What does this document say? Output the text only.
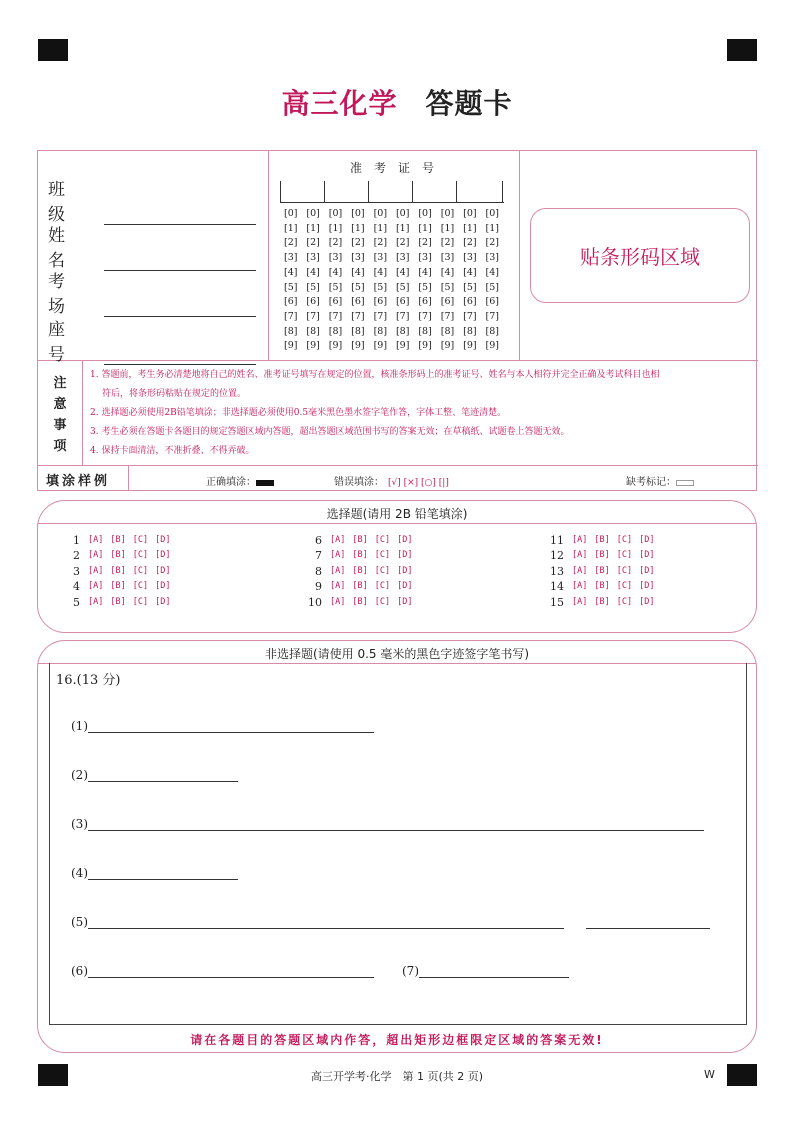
高三化学 答题卡
班级
姓名
考场
座号
准考证号
[0] [0] [0] [0] [0] [0] [0] [0] [0] [0]
[1] [1] [1] [1] [1] [1] [1] [1] [1] [1]
[2] [2] [2] [2] [2] [2] [2] [2] [2] [2]
[3] [3] [3] [3] [3] [3] [3] [3] [3] [3]
[4] [4] [4] [4] [4] [4] [4] [4] [4] [4]
[5] [5] [5] [5] [5] [5] [5] [5] [5] [5]
[6] [6] [6] [6] [6] [6] [6] [6] [6] [6]
[7] [7] [7] [7] [7] [7] [7] [7] [7] [7]
[8] [8] [8] [8] [8] [8] [8] [8] [8] [8]
[9] [9] [9] [9] [9] [9] [9] [9] [9] [9]
贴条形码区域
注
意
事
项

1. 答题前，考生务必清楚地将自己的姓名、准考证号填写在规定的位置，核准条形码上的准考证号、姓名与本人相符并完全正确及考试科目也相

符后，将条形码粘贴在规定的位置。

2. 选择题必须使用2B铅笔填涂；非选择题必须使用0.5毫米黑色墨水签字笔作答，字体工整、笔迹清楚。

3. 考生必须在答题卡各题目的规定答题区域内答题，超出答题区域范围书写的答案无效；在草稿纸、试题卷上答题无效。

4. 保持卡面清洁，不准折叠、不得弄破。

填涂样例	正确填涂：	错误填涂： [√] [×] [○] [|]	缺考标记：
选择题(请用 2B 铅笔填涂)
1 [A] [B] [C] [D]
2 [A] [B] [C] [D]
3 [A] [B] [C] [D]
4 [A] [B] [C] [D]
5 [A] [B] [C] [D]
6 [A] [B] [C] [D]
7 [A] [B] [C] [D]
8 [A] [B] [C] [D]
9 [A] [B] [C] [D]
10 [A] [B] [C] [D]
11 [A] [B] [C] [D]
12 [A] [B] [C] [D]
13 [A] [B] [C] [D]
14 [A] [B] [C] [D]
15 [A] [B] [C] [D]
非选择题(请使用 0.5 毫米的黑色字迹签字笔书写)
16.(13 分)
(1)
(2)
(3)
(4)
(5)
(6)	(7)
请在各题目的答题区域内作答，超出矩形边框限定区域的答案无效!
高三开学考·化学　第 1 页(共 2 页)	W
